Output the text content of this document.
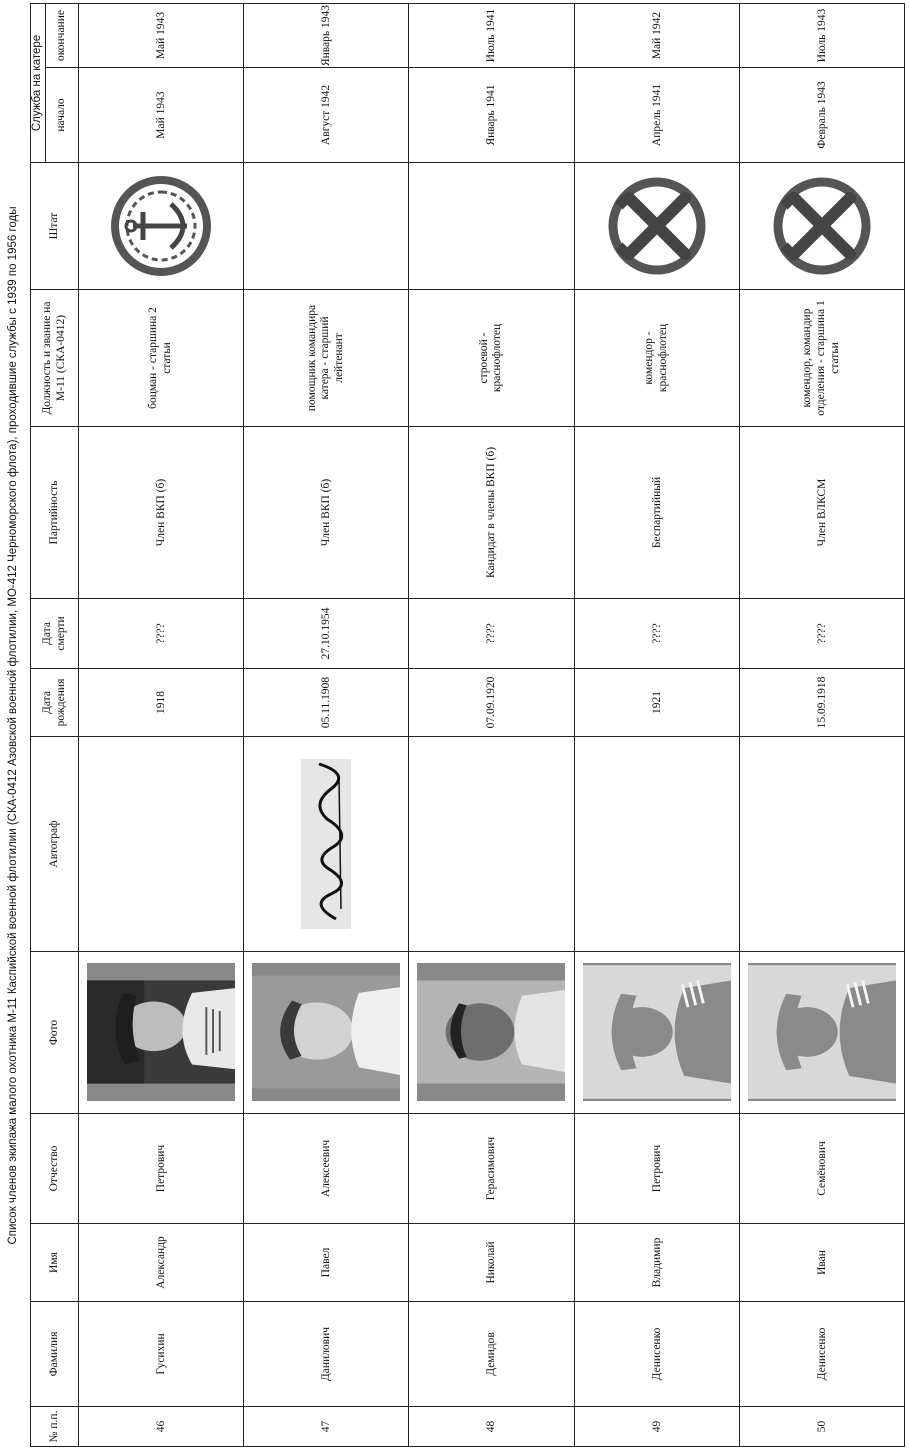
Список членов экипажа малого охотника М-11 Каспийской военной флотилии (СКА-0412 Азовской военной флотилии, МО-412 Черноморского флота), проходившие службы с 1939 по 1956 годы
№ п.п.	Фамилия	Имя	Отчество	Фото	Автограф	Дата рождения	Дата смерти	Партийность	Должность и звание на М-11 (СКА-0412)	Штат	Служба на катере	
											начало	окончание
46	Гусихин	Александр	Петрович			1918	????	Член ВКП (б)	боцман - старшина 2 статьи		Май 1943	Май 1943
47	Данилович	Павел	Алексеевич			05.11.1908	27.10.1954	Член ВКП (б)	помощник командира катера - старший лейтенант		Август 1942	Январь 1943
48	Демидов	Николай	Герасимович			07.09.1920	????	Кандидат в члены ВКП (б)	строевой - краснофлотец		Январь 1941	Июль 1941
49	Денисенко	Владимир	Петрович			1921	????	Беспартийный	комендор - краснофлотец		Апрель 1941	Май 1942
50	Денисенко	Иван	Семёнович			15.09.1918	????	Член ВЛКСМ	комендор, командир отделения - старшина 1 статьи		Февраль 1943	Июль 1943
